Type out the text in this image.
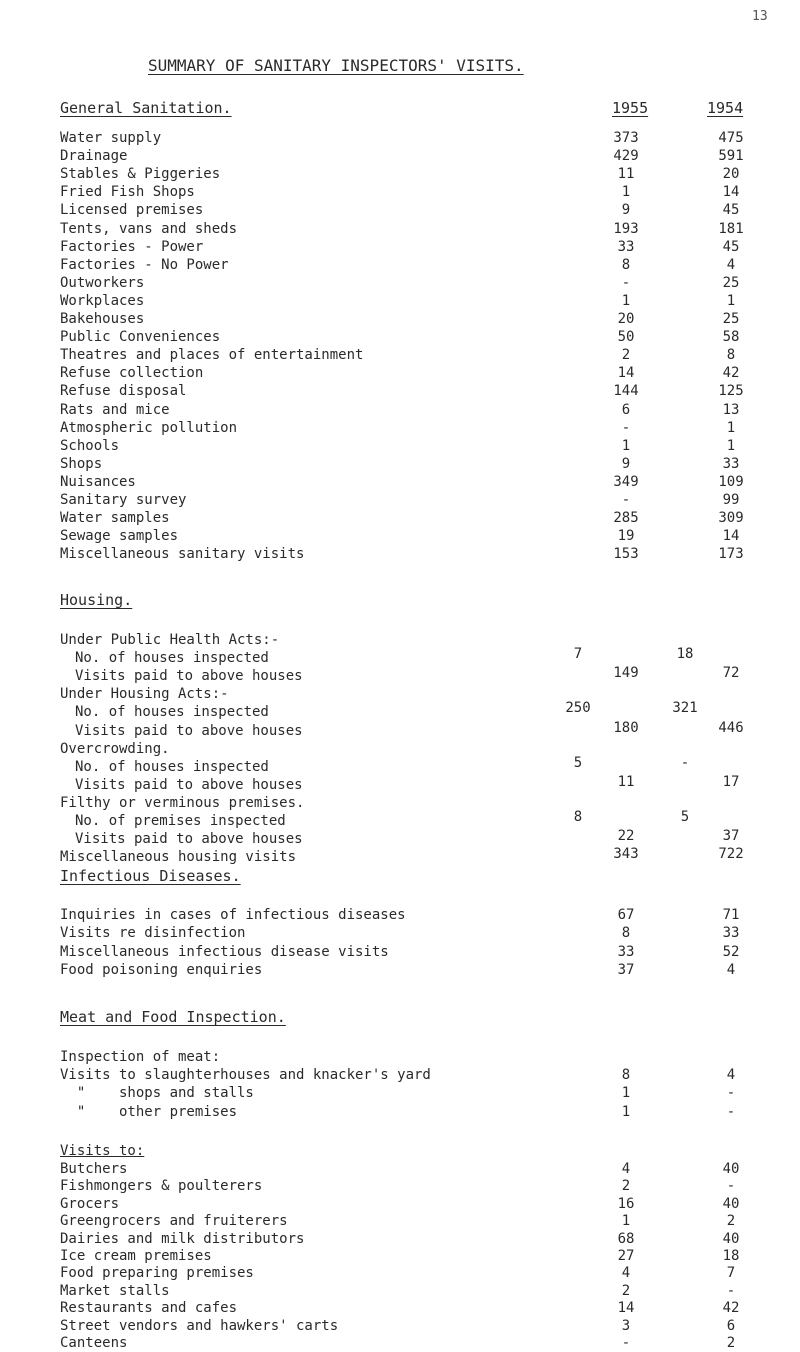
13
SUMMARY OF SANITARY INSPECTORS' VISITS.
General Sanitation.	1955	1954
Water supply	373	475
Drainage	429	591
Stables & Piggeries	11	20
Fried Fish Shops	1	14
Licensed premises	9	45
Tents, vans and sheds	193	181
Factories - Power	33	45
Factories - No Power	8	4
Outworkers	-	25
Workplaces	1	1
Bakehouses	20	25
Public Conveniences	50	58
Theatres and places of entertainment	2	8
Refuse collection	14	42
Refuse disposal	144	125
Rats and mice	6	13
Atmospheric pollution	-	1
Schools	1	1
Shops	9	33
Nuisances	349	109
Sanitary survey	-	99
Water samples	285	309
Sewage samples	19	14
Miscellaneous sanitary visits	153	173
Housing.
Under Public Health Acts:-
No. of houses inspected	7	18
Visits paid to above houses	149	72
Under Housing Acts:-
No. of houses inspected	250	321
Visits paid to above houses	180	446
Overcrowding.
No. of houses inspected	5	-
Visits paid to above houses	11	17
Filthy or verminous premises.
No. of premises inspected	8	5
Visits paid to above houses	22	37
Miscellaneous housing visits	343	722
Infectious Diseases.
Inquiries in cases of infectious diseases	67	71
Visits re disinfection	8	33
Miscellaneous infectious disease visits	33	52
Food poisoning enquiries	37	4
Meat and Food Inspection.
Inspection of meat:
Visits to slaughterhouses and knacker's yard	8	4
"    shops and stalls	1	-
"    other premises	1	-
Visits to:
Butchers	4	40
Fishmongers & poulterers	2	-
Grocers	16	40
Greengrocers and fruiterers	1	2
Dairies and milk distributors	68	40
Ice cream premises	27	18
Food preparing premises	4	7
Market stalls	2	-
Restaurants and cafes	14	42
Street vendors and hawkers' carts	3	6
Canteens	-	2
